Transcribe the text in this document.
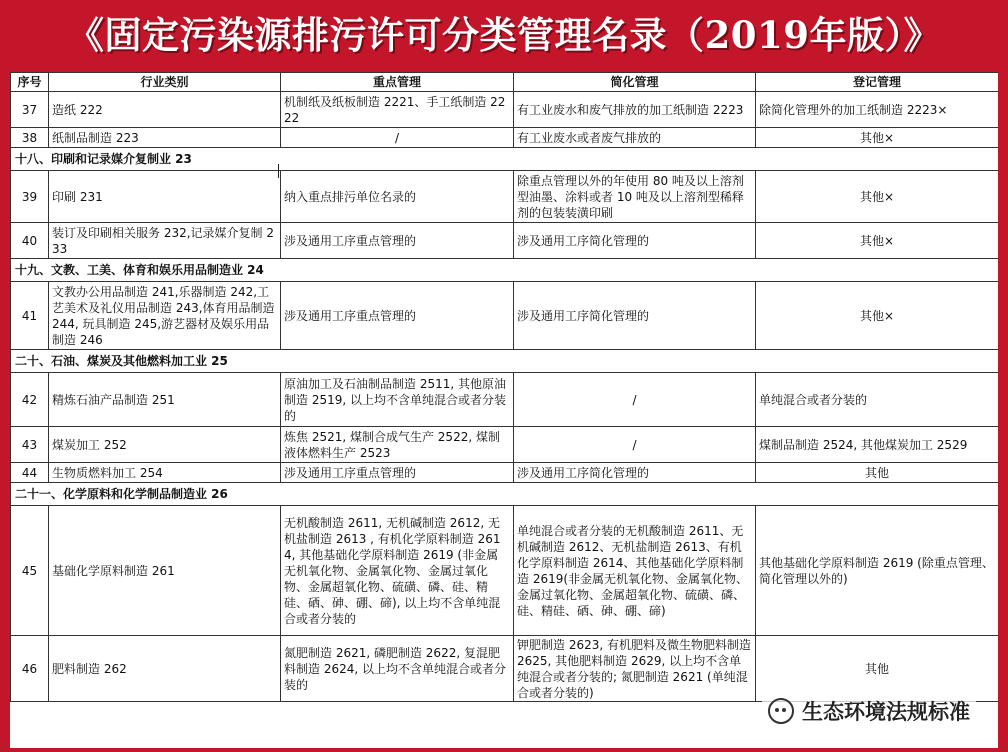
《固定污染源排污许可分类管理名录（2019年版）》
序号	行业类别	重点管理	简化管理	登记管理
37	造纸 222	机制纸及纸板制造 2221、手工纸制造 2222	有工业废水和废气排放的加工纸制造 2223	除简化管理外的加工纸制造 2223×
38	纸制品制造 223	/	有工业废水或者废气排放的	其他×
十八、印刷和记录媒介复制业 23				
39	印刷 231	纳入重点排污单位名录的	除重点管理以外的年使用 80 吨及以上溶剂型油墨、涂料或者 10 吨及以上溶剂型稀释剂的包装装潢印刷	其他×
40	装订及印刷相关服务 232,记录媒介复制 233	涉及通用工序重点管理的	涉及通用工序简化管理的	其他×
十九、文教、工美、体育和娱乐用品制造业 24				
41	文教办公用品制造 241,乐器制造 242,工艺美术及礼仪用品制造 243,体育用品制造 244, 玩具制造 245,游艺器材及娱乐用品制造 246	涉及通用工序重点管理的	涉及通用工序简化管理的	其他×
二十、石油、煤炭及其他燃料加工业 25				
42	精炼石油产品制造 251	原油加工及石油制品制造 2511, 其他原油制造 2519, 以上均不含单纯混合或者分装的	/	单纯混合或者分装的
43	煤炭加工 252	炼焦 2521, 煤制合成气生产 2522, 煤制液体燃料生产 2523	/	煤制品制造 2524, 其他煤炭加工 2529
44	生物质燃料加工 254	涉及通用工序重点管理的	涉及通用工序简化管理的	其他
二十一、化学原料和化学制品制造业 26				
45	基础化学原料制造 261	无机酸制造 2611, 无机碱制造 2612, 无机盐制造 2613 , 有机化学原料制造 2614, 其他基础化学原料制造 2619 (非金属无机氧化物、金属氧化物、金属过氧化物、金属超氧化物、硫磺、磷、硅、精硅、硒、砷、硼、碲), 以上均不含单纯混合或者分装的	单纯混合或者分装的无机酸制造 2611、无机碱制造 2612、无机盐制造 2613、有机化学原料制造 2614、其他基础化学原料制造 2619(非金属无机氧化物、金属氧化物、金属过氧化物、金属超氧化物、硫磺、磷、硅、精硅、硒、砷、硼、碲)	其他基础化学原料制造 2619 (除重点管理、简化管理以外的)
46	肥料制造 262	氮肥制造 2621, 磷肥制造 2622, 复混肥料制造 2624, 以上均不含单纯混合或者分装的	钾肥制造 2623, 有机肥料及微生物肥料制造 2625, 其他肥料制造 2629, 以上均不含单纯混合或者分装的; 氮肥制造 2621 (单纯混合或者分装的)	其他
生态环境法规标准
